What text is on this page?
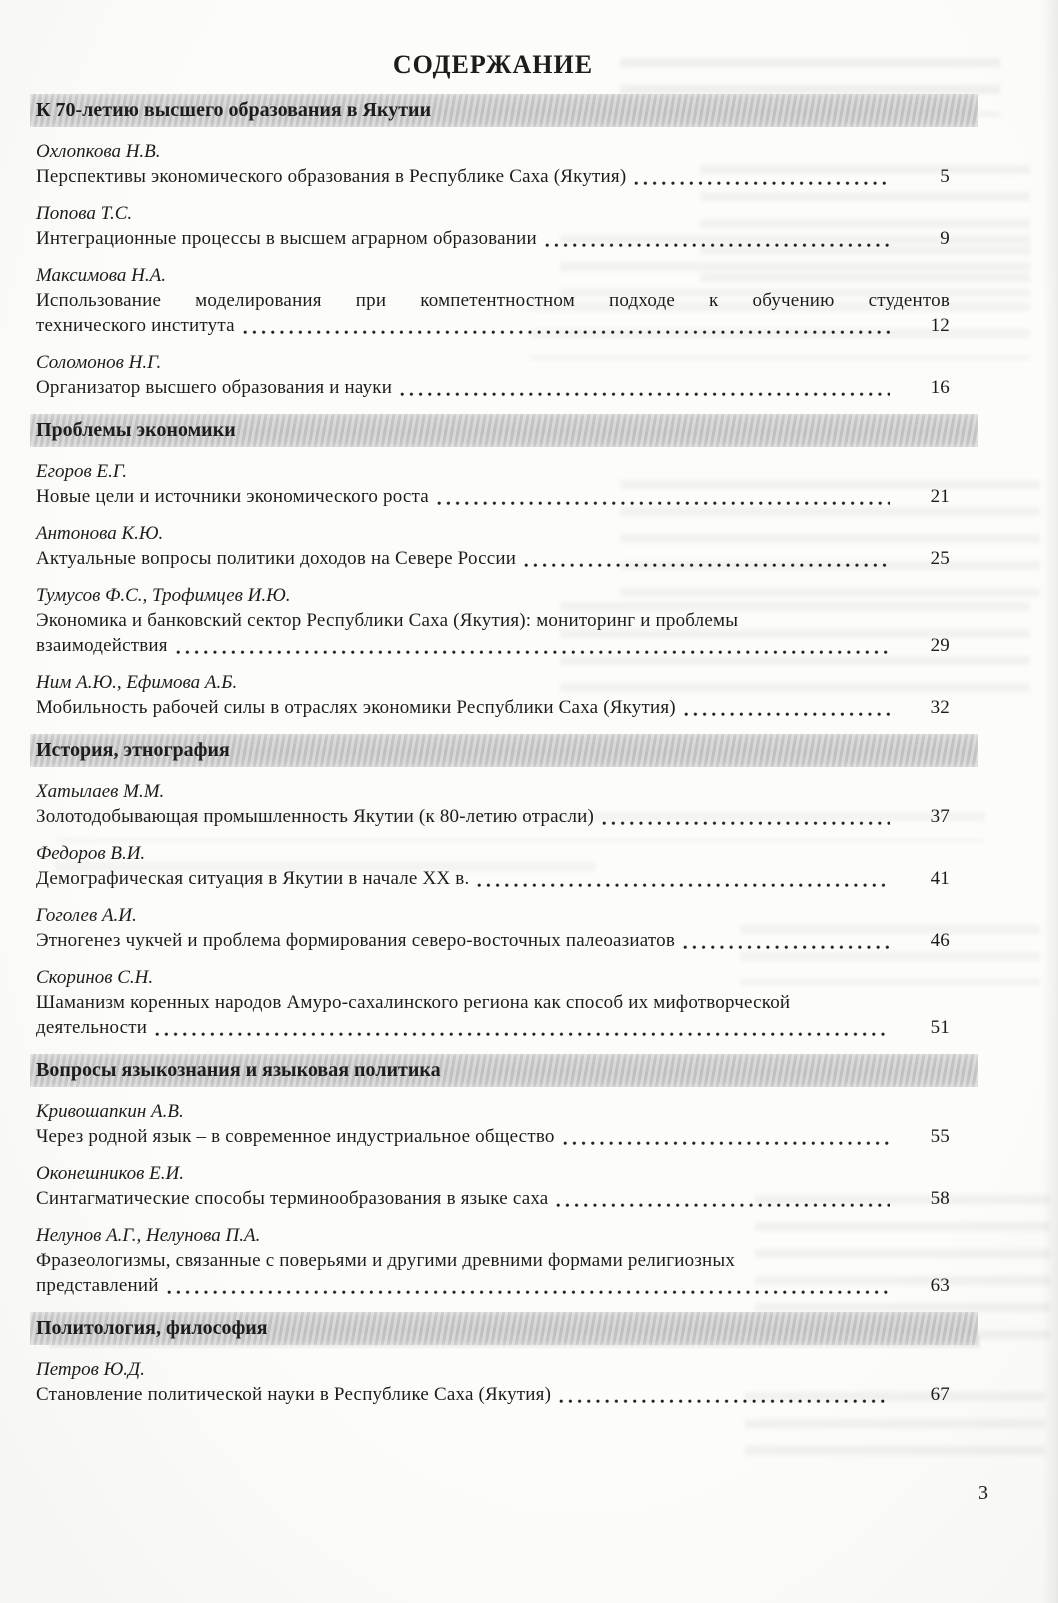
СОДЕРЖАНИЕ
К 70-летию высшего образования в Якутии
Охлопкова Н.В.
Перспективы экономического образования в Республике Саха (Якутия)	5
Попова Т.С.
Интеграционные процессы в высшем аграрном образовании	9
Максимова Н.А.
Использование моделирования при компетентностном подходе к обучению студентов
технического института	12
Соломонов Н.Г.
Организатор высшего образования и науки	16
Проблемы экономики
Егоров Е.Г.
Новые цели и источники экономического роста	21
Антонова К.Ю.
Актуальные вопросы политики доходов на Севере России	25
Тумусов Ф.С., Трофимцев И.Ю.
Экономика и банковский сектор Республики Саха (Якутия): мониторинг и проблемы
взаимодействия	29
Ним А.Ю., Ефимова А.Б.
Мобильность рабочей силы в отраслях экономики Республики Саха (Якутия)	32
История, этнография
Хатылаев М.М.
Золотодобывающая промышленность Якутии (к 80-летию отрасли)	37
Федоров В.И.
Демографическая ситуация в Якутии в начале XX в.	41
Гоголев А.И.
Этногенез чукчей и проблема формирования северо-восточных палеоазиатов	46
Скоринов С.Н.
Шаманизм коренных народов Амуро-сахалинского региона как способ их мифотворческой
деятельности	51
Вопросы языкознания и языковая политика
Кривошапкин А.В.
Через родной язык – в современное индустриальное общество	55
Оконешников Е.И.
Синтагматические способы терминообразования в языке саха	58
Нелунов А.Г., Нелунова П.А.
Фразеологизмы, связанные с поверьями и другими древними формами религиозных
представлений	63
Политология, философия
Петров Ю.Д.
Становление политической науки в Республике Саха (Якутия)	67
3
